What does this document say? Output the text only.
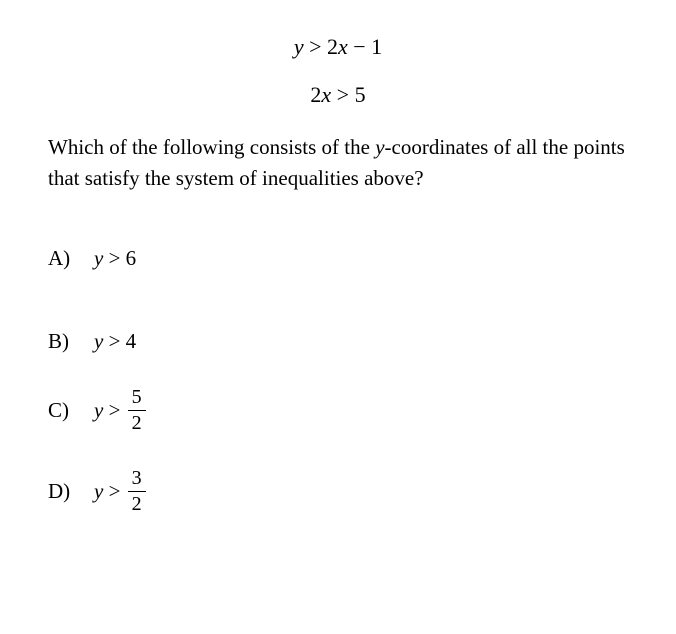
y > 2x − 1
2x > 5
Which of the following consists of the y-coordinates of all the points that satisfy the system of inequalities above?
A)	y > 6
B)	y > 4
C)	$y > \frac{5}{2}$
D)	$y > \frac{3}{2}$
